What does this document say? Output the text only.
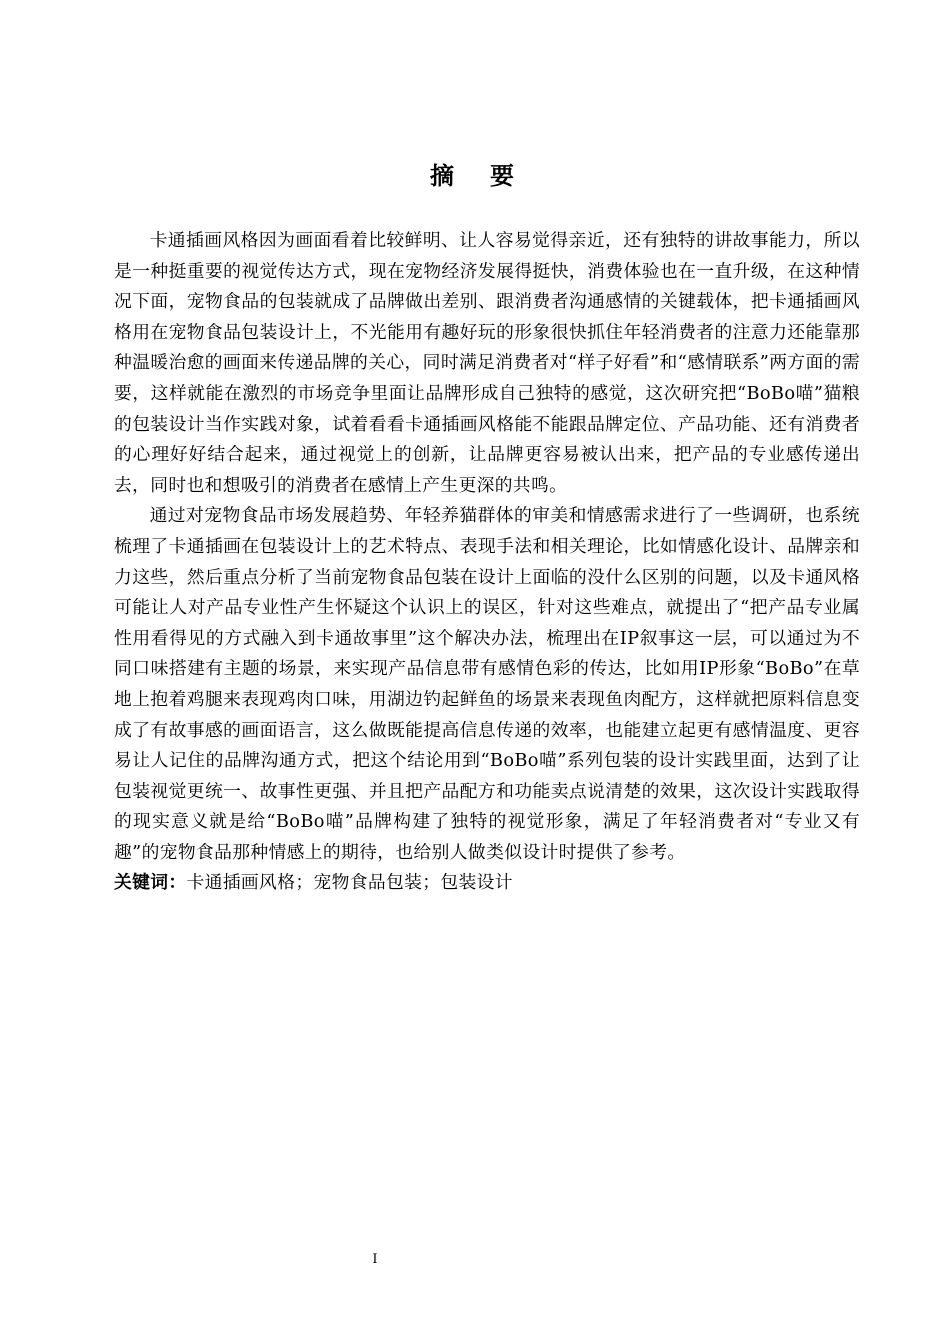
摘要

卡通插画风格因为画面看着比较鲜明、让人容易觉得亲近，还有独特的讲故事能力，所以是一种挺重要的视觉传达方式，现在宠物经济发展得挺快，消费体验也在一直升级，在这种情况下面，宠物食品的包装就成了品牌做出差别、跟消费者沟通感情的关键载体，把卡通插画风格用在宠物食品包装设计上，不光能用有趣好玩的形象很快抓住年轻消费者的注意力还能靠那种温暖治愈的画面来传递品牌的关心，同时满足消费者对“样子好看”和“感情联系”两方面的需要，这样就能在激烈的市场竞争里面让品牌形成自己独特的感觉，这次研究把“BoBo喵”猫粮的包装设计当作实践对象，试着看看卡通插画风格能不能跟品牌定位、产品功能、还有消费者的心理好好结合起来，通过视觉上的创新，让品牌更容易被认出来，把产品的专业感传递出去，同时也和想吸引的消费者在感情上产生更深的共鸣。

通过对宠物食品市场发展趋势、年轻养猫群体的审美和情感需求进行了一些调研，也系统梳理了卡通插画在包装设计上的艺术特点、表现手法和相关理论，比如情感化设计、品牌亲和力这些，然后重点分析了当前宠物食品包装在设计上面临的没什么区别的问题，以及卡通风格可能让人对产品专业性产生怀疑这个认识上的误区，针对这些难点，就提出了“把产品专业属性用看得见的方式融入到卡通故事里”这个解决办法，梳理出在IP叙事这一层，可以通过为不同口味搭建有主题的场景，来实现产品信息带有感情色彩的传达，比如用IP形象“BoBo”在草地上抱着鸡腿来表现鸡肉口味，用湖边钓起鲜鱼的场景来表现鱼肉配方，这样就把原料信息变成了有故事感的画面语言，这么做既能提高信息传递的效率，也能建立起更有感情温度、更容易让人记住的品牌沟通方式，把这个结论用到“BoBo喵”系列包装的设计实践里面，达到了让包装视觉更统一、故事性更强、并且把产品配方和功能卖点说清楚的效果，这次设计实践取得的现实意义就是给“BoBo喵”品牌构建了独特的视觉形象，满足了年轻消费者对“专业又有趣”的宠物食品那种情感上的期待，也给别人做类似设计时提供了参考。

关键词：卡通插画风格；宠物食品包装；包装设计

I
